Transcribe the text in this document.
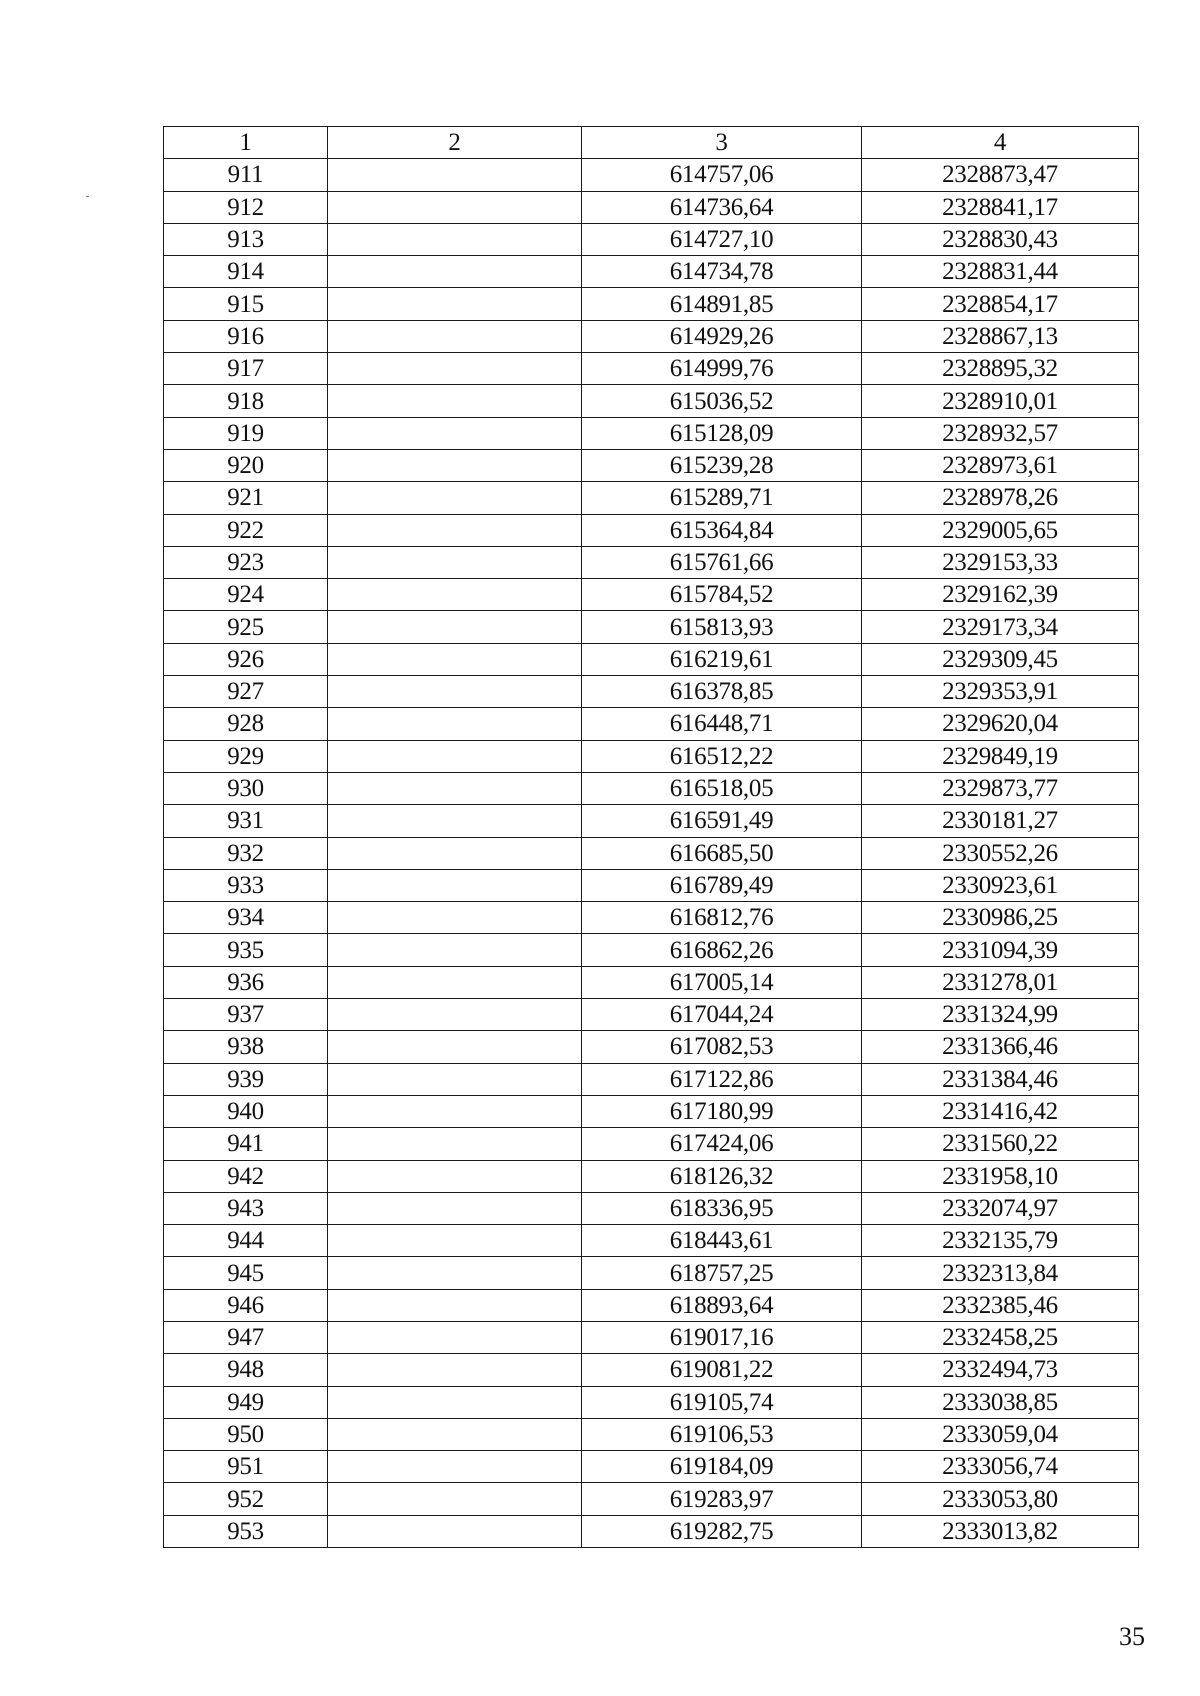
1	2	3	4
911		614757,06	2328873,47
912		614736,64	2328841,17
913		614727,10	2328830,43
914		614734,78	2328831,44
915		614891,85	2328854,17
916		614929,26	2328867,13
917		614999,76	2328895,32
918		615036,52	2328910,01
919		615128,09	2328932,57
920		615239,28	2328973,61
921		615289,71	2328978,26
922		615364,84	2329005,65
923		615761,66	2329153,33
924		615784,52	2329162,39
925		615813,93	2329173,34
926		616219,61	2329309,45
927		616378,85	2329353,91
928		616448,71	2329620,04
929		616512,22	2329849,19
930		616518,05	2329873,77
931		616591,49	2330181,27
932		616685,50	2330552,26
933		616789,49	2330923,61
934		616812,76	2330986,25
935		616862,26	2331094,39
936		617005,14	2331278,01
937		617044,24	2331324,99
938		617082,53	2331366,46
939		617122,86	2331384,46
940		617180,99	2331416,42
941		617424,06	2331560,22
942		618126,32	2331958,10
943		618336,95	2332074,97
944		618443,61	2332135,79
945		618757,25	2332313,84
946		618893,64	2332385,46
947		619017,16	2332458,25
948		619081,22	2332494,73
949		619105,74	2333038,85
950		619106,53	2333059,04
951		619184,09	2333056,74
952		619283,97	2333053,80
953		619282,75	2333013,82
35
